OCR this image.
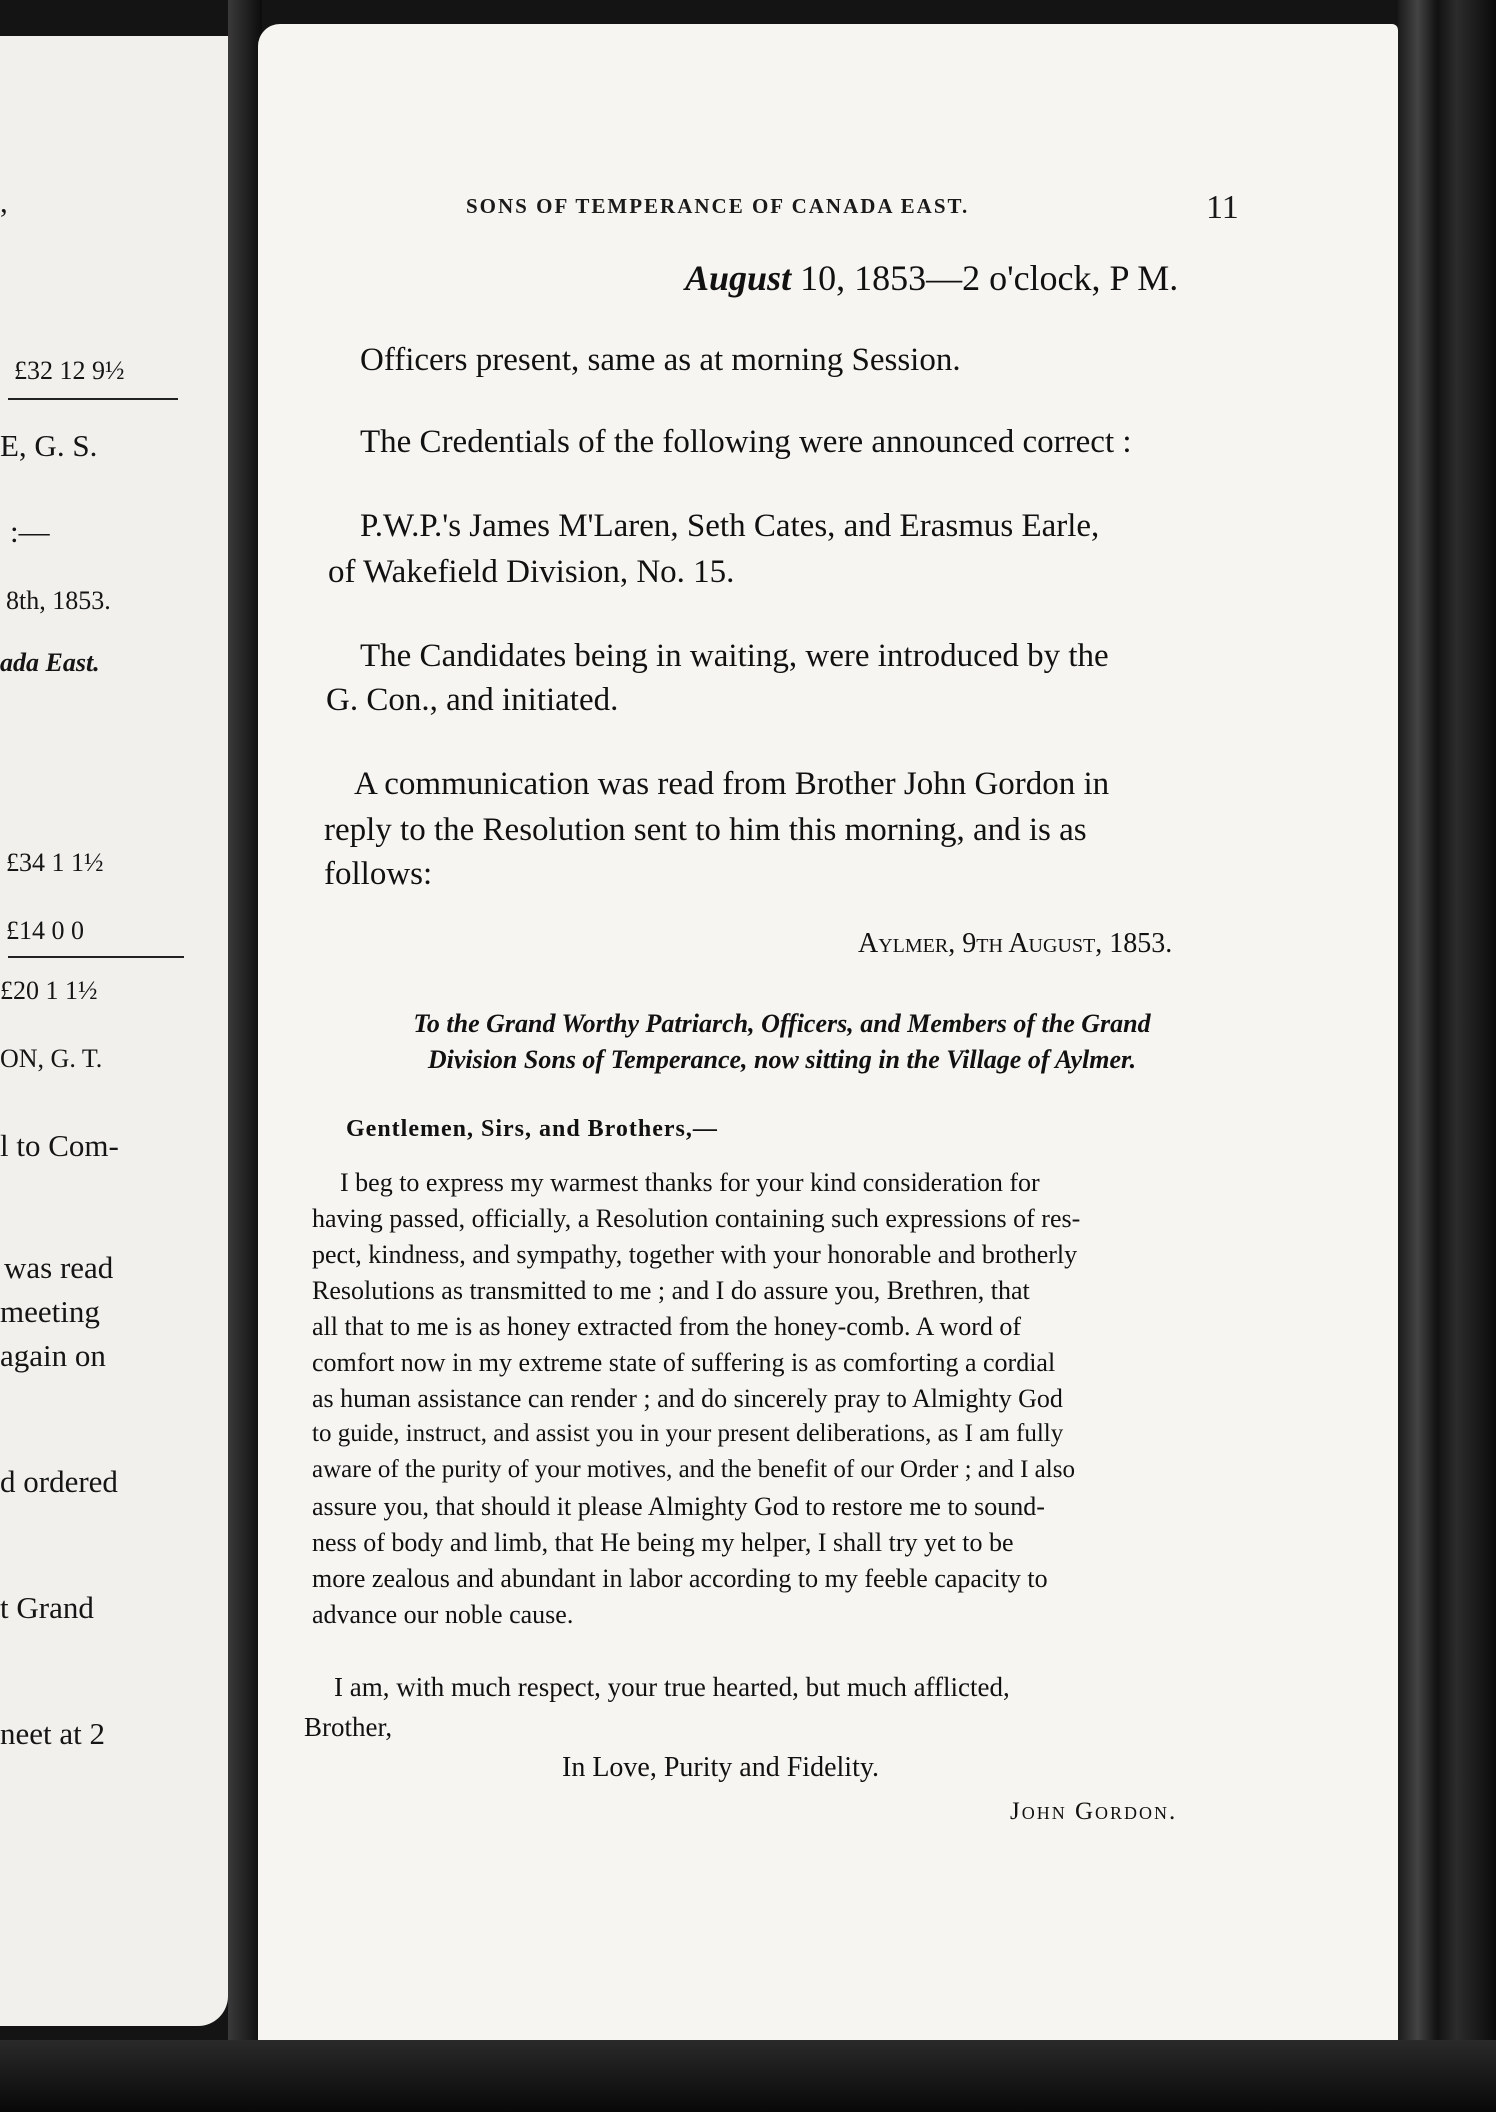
,
£32 12 9½
E, G. S.
:—
8th, 1853.
ada East.
£34 1 1½
£14 0 0
£20 1 1½
ON, G. T.
l to Com-
was read
meeting
again on
d ordered
t Grand
neet at 2
SONS OF TEMPERANCE OF CANADA EAST.	11
August 10, 1853—2 o'clock, P M.
Officers present, same as at morning Session.
The Credentials of the following were announced correct :
P.W.P.'s James M'Laren, Seth Cates, and Erasmus Earle,
of Wakefield Division, No. 15.
The Candidates being in waiting, were introduced by the
G. Con., and initiated.
A communication was read from Brother John Gordon in
reply to the Resolution sent to him this morning, and is as
follows:
Aylmer, 9th August, 1853.
To the Grand Worthy Patriarch, Officers, and Members of the Grand
Division Sons of Temperance, now sitting in the Village of Aylmer.
Gentlemen, Sirs, and Brothers,—
I beg to express my warmest thanks for your kind consideration for
having passed, officially, a Resolution containing such expressions of res-
pect, kindness, and sympathy, together with your honorable and brotherly
Resolutions as transmitted to me ; and I do assure you, Brethren, that
all that to me is as honey extracted from the honey-comb. A word of
comfort now in my extreme state of suffering is as comforting a cordial
as human assistance can render ; and do sincerely pray to Almighty God
to guide, instruct, and assist you in your present deliberations, as I am fully
aware of the purity of your motives, and the benefit of our Order ; and I also
assure you, that should it please Almighty God to restore me to sound-
ness of body and limb, that He being my helper, I shall try yet to be
more zealous and abundant in labor according to my feeble capacity to
advance our noble cause.
I am, with much respect, your true hearted, but much afflicted,
Brother,
In Love, Purity and Fidelity.
John Gordon.
